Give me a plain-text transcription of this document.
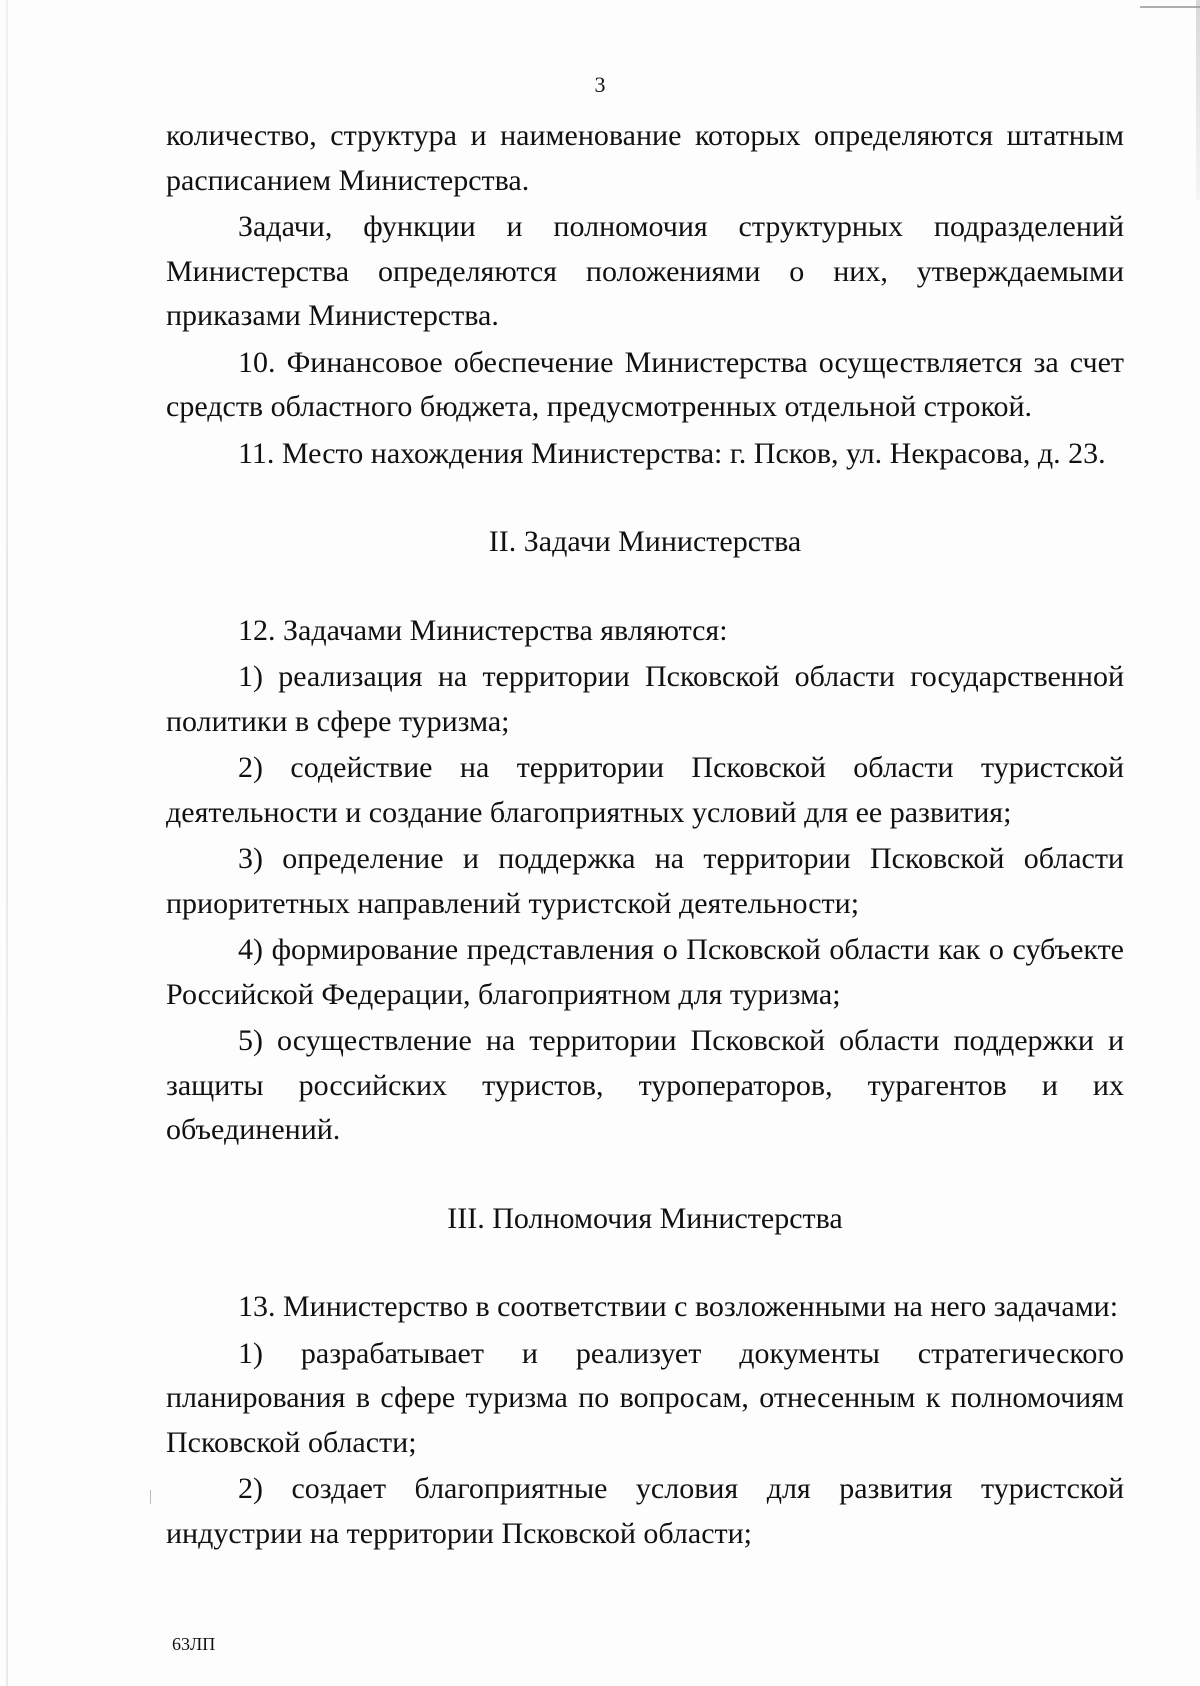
3

количество, структура и наименование которых определяются штатным расписанием Министерства.

Задачи, функции и полномочия структурных подразделений Министерства определяются положениями о них, утверждаемыми приказами Министерства.

10. Финансовое обеспечение Министерства осуществляется за счет средств областного бюджета, предусмотренных отдельной строкой.

11. Место нахождения Министерства: г. Псков, ул. Некрасова, д. 23.

II. Задачи Министерства

12. Задачами Министерства являются:

1) реализация на территории Псковской области государственной политики в сфере туризма;

2) содействие на территории Псковской области туристской деятельности и создание благоприятных условий для ее развития;

3) определение и поддержка на территории Псковской области приоритетных направлений туристской деятельности;

4) формирование представления о Псковской области как о субъекте Российской Федерации, благоприятном для туризма;

5) осуществление на территории Псковской области поддержки и защиты российских туристов, туроператоров, турагентов и их объединений.

III. Полномочия Министерства

13. Министерство в соответствии с возложенными на него задачами:

1) разрабатывает и реализует документы стратегического планирования в сфере туризма по вопросам, отнесенным к полномочиям Псковской области;

2) создает благоприятные условия для развития туристской индустрии на территории Псковской области;

63ЛП
